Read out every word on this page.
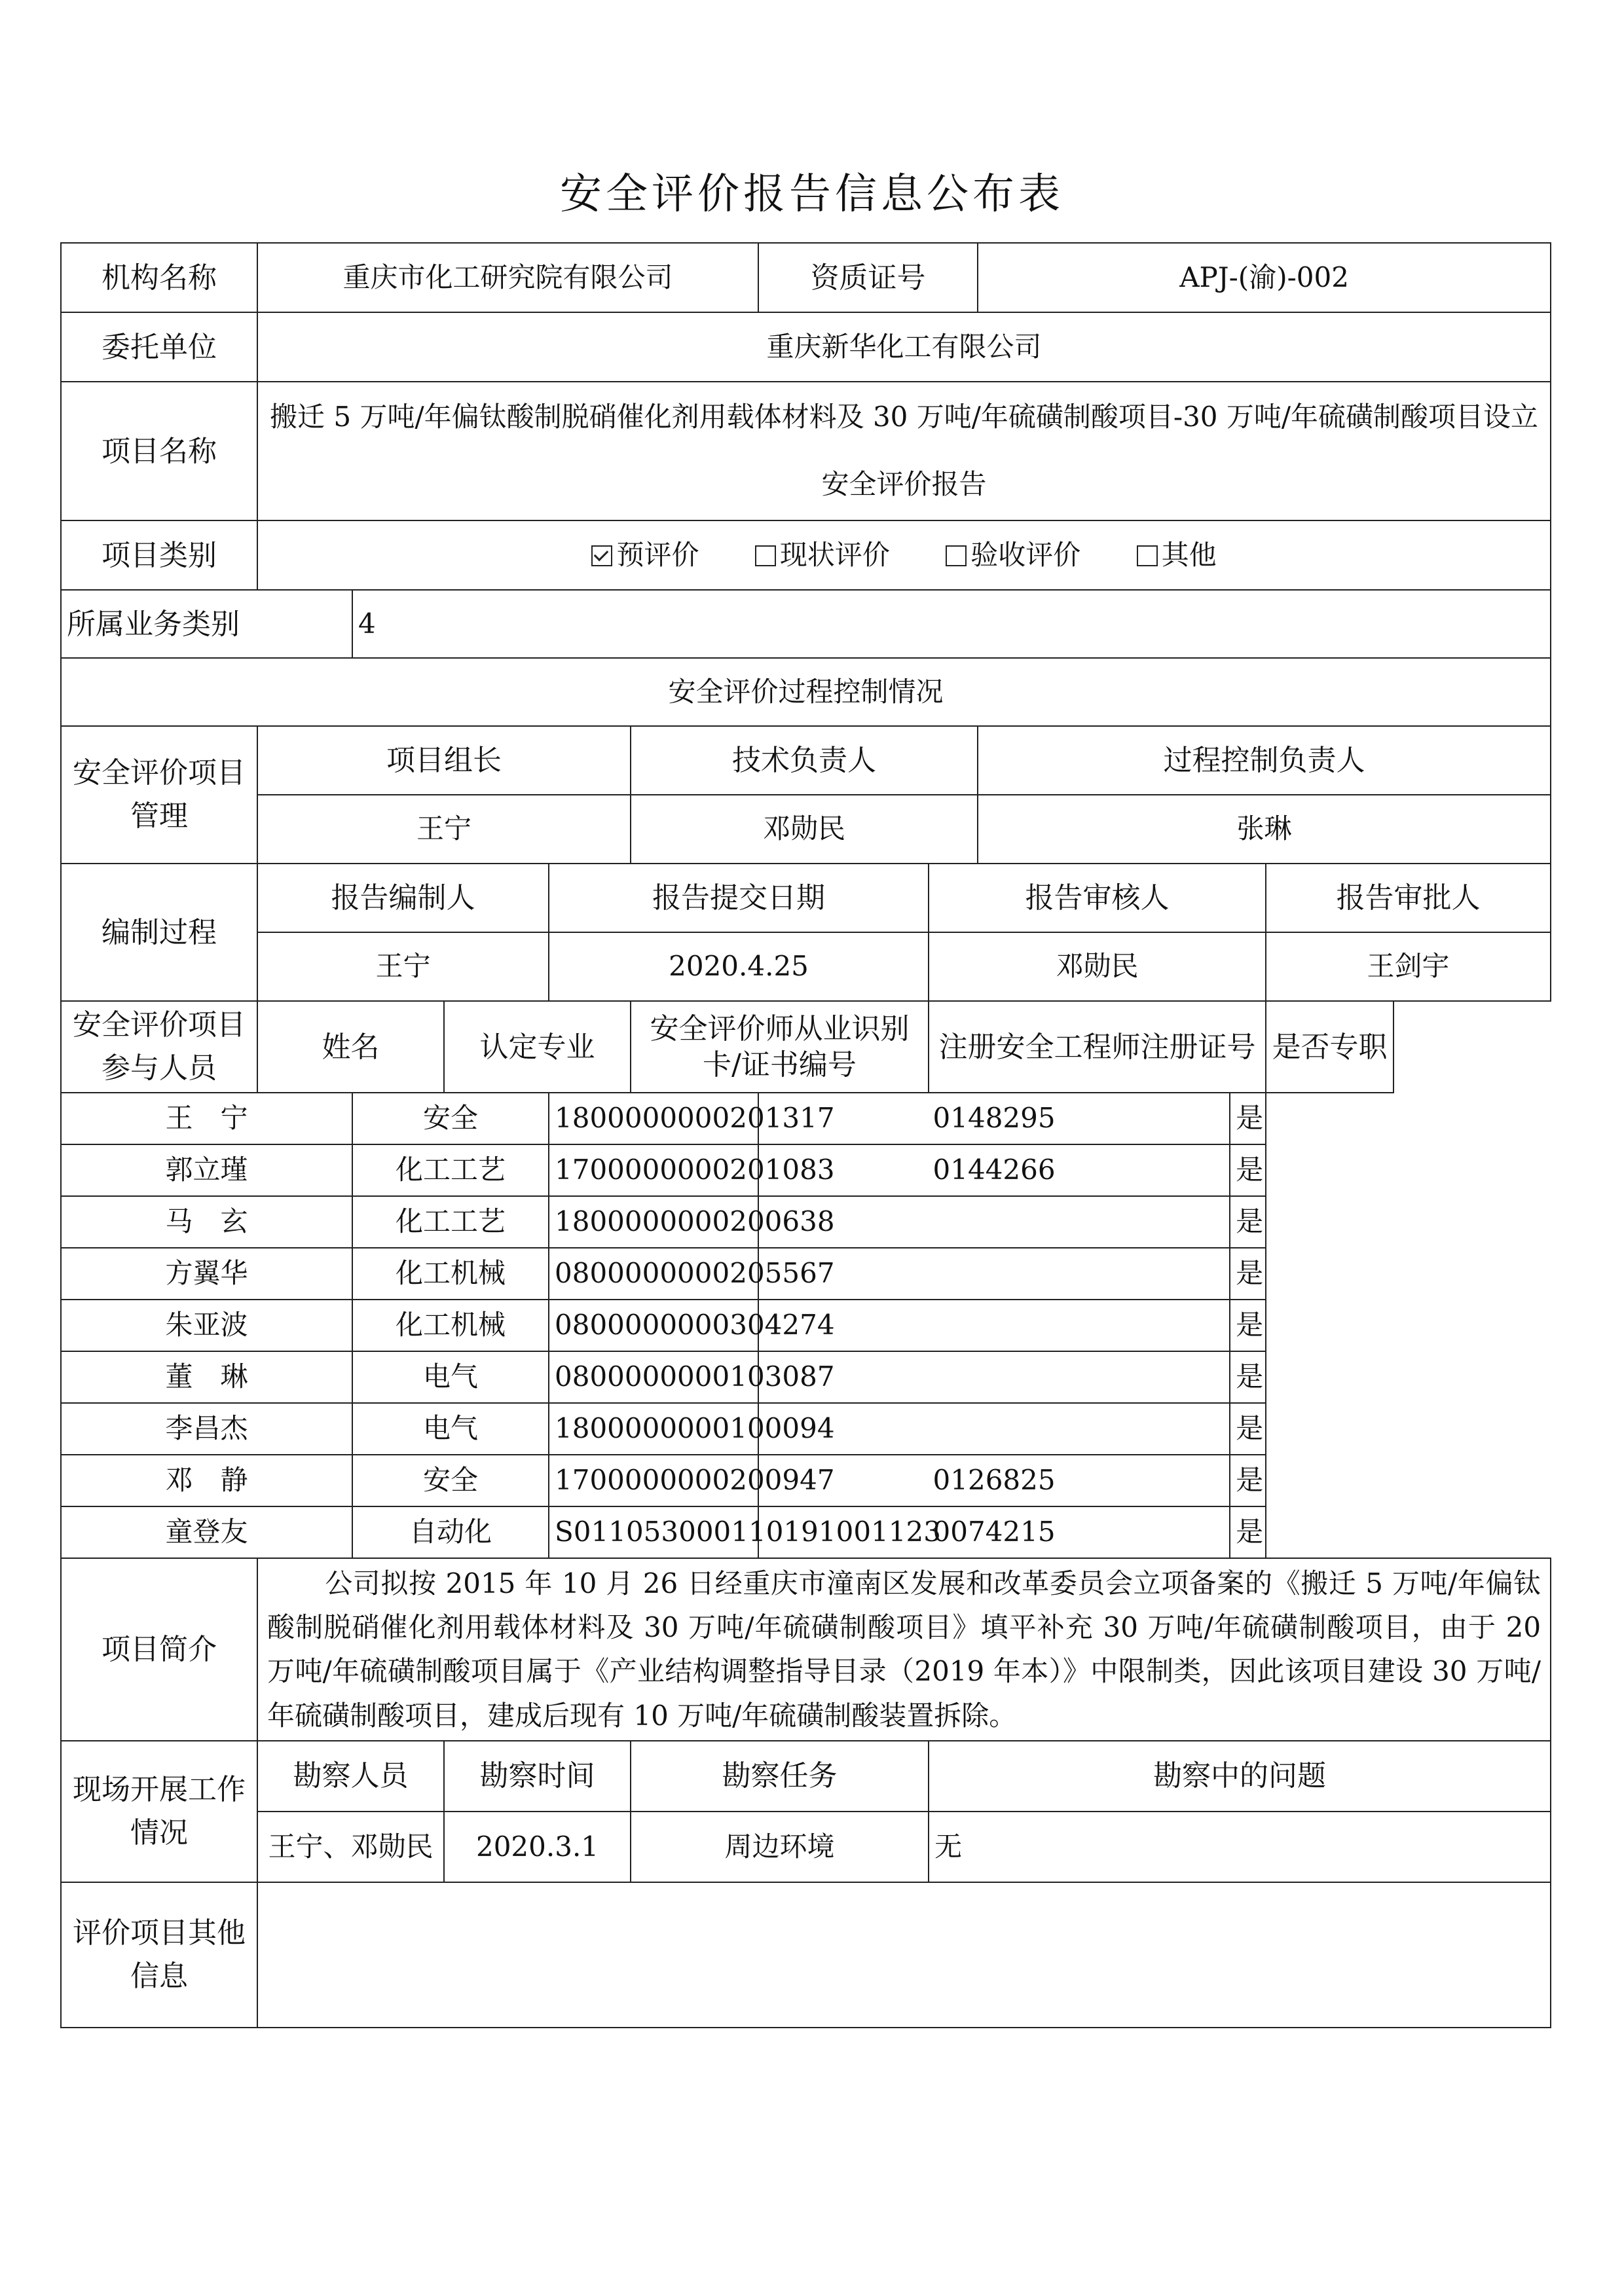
安全评价报告信息公布表
机构名称	重庆市化工研究院有限公司					资质证号		APJ-(渝)-002		
委托单位	重庆新华化工有限公司									
项目名称	搬迁 5 万吨/年偏钛酸制脱硝催化剂用载体材料及 30 万吨/年硫磺制酸项目-30 万吨/年硫磺制酸项目设立安全评价报告									
项目类别	预评价 现状评价 验收评价 其他									
所属业务类别		4								
安全评价过程控制情况										
安全评价项目管理	项目组长				技术负责人			过程控制负责人		
	王宁				邓勋民			张琳		
编制过程	报告编制人			报告提交日期			报告审核人			报告审批人
	王宁			2020.4.25			邓勋民			王剑宇
安全评价项目参与人员	姓名		认定专业		安全评价师从业识别卡/证书编号		注册安全工程师注册证号			是否专职
王　宁		安全		1800000000201317		0148295			是	
郭立瑾		化工工艺		1700000000201083		0144266			是	
马　玄		化工工艺		1800000000200638					是	
方翼华		化工机械		0800000000205567					是	
朱亚波		化工机械		0800000000304274					是	
董　琳		电气		0800000000103087					是	
李昌杰		电气		1800000000100094					是	
邓　静		安全		1700000000200947		0126825			是	
童登友		自动化		S011053000110191001123		0074215			是	
项目简介	公司拟按 2015 年 10 月 26 日经重庆市潼南区发展和改革委员会立项备案的《搬迁 5 万吨/年偏钛酸制脱硝催化剂用载体材料及 30 万吨/年硫磺制酸项目》填平补充 30 万吨/年硫磺制酸项目，由于 20 万吨/年硫磺制酸项目属于《产业结构调整指导目录（2019 年本）》中限制类，因此该项目建设 30 万吨/年硫磺制酸项目，建成后现有 10 万吨/年硫磺制酸装置拆除。									
现场开展工作情况	勘察人员		勘察时间		勘察任务		勘察中的问题			
	王宁、邓勋民		2020.3.1		周边环境		无			
评价项目其他信息										
